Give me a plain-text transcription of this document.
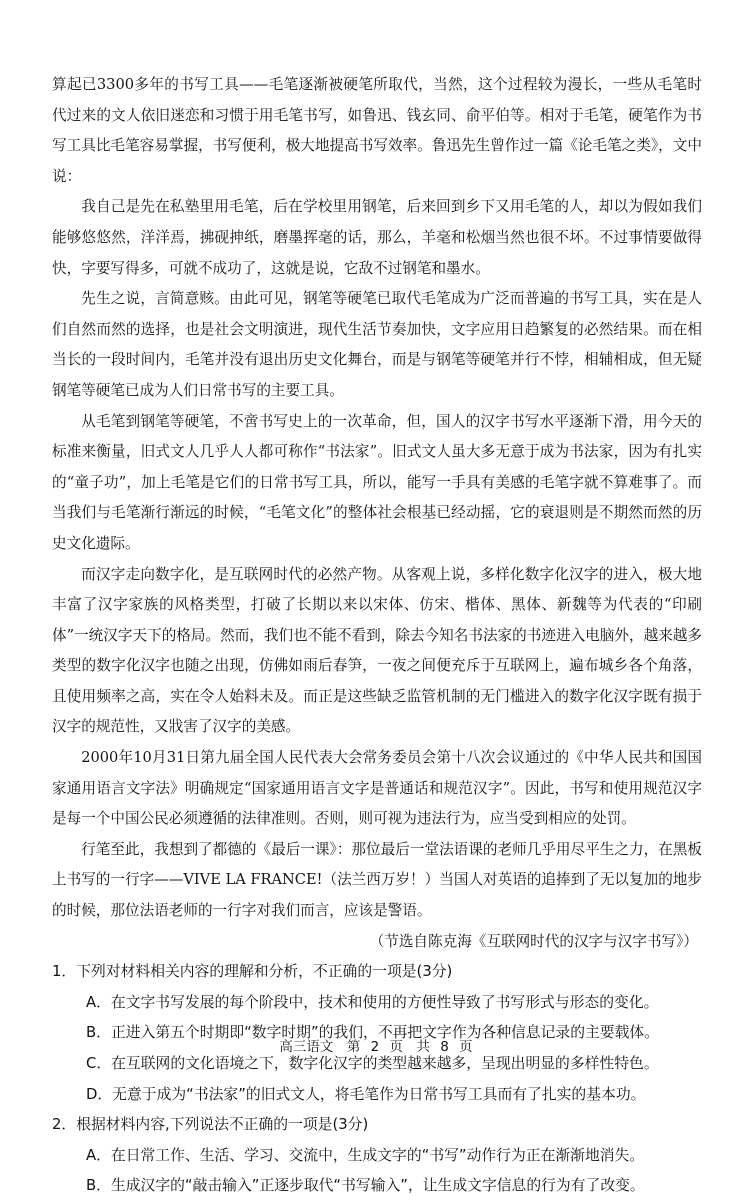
算起已3300多年的书写工具——毛笔逐渐被硬笔所取代，当然，这个过程较为漫长，一些从毛笔时代过来的文人依旧迷恋和习惯于用毛笔书写，如鲁迅、钱玄同、俞平伯等。相对于毛笔，硬笔作为书写工具比毛笔容易掌握，书写便利，极大地提高书写效率。鲁迅先生曾作过一篇《论毛笔之类》，文中说：

我自己是先在私塾里用毛笔，后在学校里用钢笔，后来回到乡下又用毛笔的人，却以为假如我们能够悠悠然，洋洋焉，拂砚抻纸，磨墨挥毫的话，那么，羊毫和松烟当然也很不坏。不过事情要做得快，字要写得多，可就不成功了，这就是说，它敌不过钢笔和墨水。

先生之说，言简意赅。由此可见，钢笔等硬笔已取代毛笔成为广泛而普遍的书写工具，实在是人们自然而然的选择，也是社会文明演进，现代生活节奏加快，文字应用日趋繁复的必然结果。而在相当长的一段时间内，毛笔并没有退出历史文化舞台，而是与钢笔等硬笔并行不悖，相辅相成，但无疑钢笔等硬笔已成为人们日常书写的主要工具。

从毛笔到钢笔等硬笔，不啻书写史上的一次革命，但，国人的汉字书写水平逐渐下滑，用今天的标准来衡量，旧式文人几乎人人都可称作“书法家”。旧式文人虽大多无意于成为书法家，因为有扎实的“童子功”，加上毛笔是它们的日常书写工具，所以，能写一手具有美感的毛笔字就不算难事了。而当我们与毛笔渐行渐远的时候，“毛笔文化”的整体社会根基已经动摇，它的衰退则是不期然而然的历史文化遗际。

而汉字走向数字化，是互联网时代的必然产物。从客观上说，多样化数字化汉字的进入，极大地丰富了汉字家族的风格类型，打破了长期以来以宋体、仿宋、楷体、黑体、新魏等为代表的“印刷体”一统汉字天下的格局。然而，我们也不能不看到，除去今知名书法家的书迹进入电脑外，越来越多类型的数字化汉字也随之出现，仿佛如雨后春笋，一夜之间便充斥于互联网上，遍布城乡各个角落，且使用频率之高，实在令人始料未及。而正是这些缺乏监管机制的无门槛进入的数字化汉字既有损于汉字的规范性，又戕害了汉字的美感。

2000年10月31日第九届全国人民代表大会常务委员会第十八次会议通过的《中华人民共和国国家通用语言文字法》明确规定“国家通用语言文字是普通话和规范汉字”。因此，书写和使用规范汉字是每一个中国公民必须遵循的法律准则。否则，则可视为违法行为，应当受到相应的处罚。

行笔至此，我想到了都德的《最后一课》：那位最后一堂法语课的老师几乎用尽平生之力，在黑板上书写的一行字——VIVE LA FRANCE!（法兰西万岁！）当国人对英语的追捧到了无以复加的地步的时候，那位法语老师的一行字对我们而言，应该是警语。

（节选自陈克海《互联网时代的汉字与汉字书写》）

1．下列对材料相关内容的理解和分析，不正确的一项是(3分)

A．在文字书写发展的每个阶段中，技术和使用的方便性导致了书写形式与形态的变化。

B．正进入第五个时期即“数字时期”的我们，不再把文字作为各种信息记录的主要载体。

C．在互联网的文化语境之下，数字化汉字的类型越来越多，呈现出明显的多样性特色。

D．无意于成为“书法家”的旧式文人，将毛笔作为日常书写工具而有了扎实的基本功。

2．根据材料内容,下列说法不正确的一项是(3分)

A．在日常工作、生活、学习、交流中，生成文字的“书写”动作行为正在渐渐地消失。

B．生成汉字的“敲击输入”正逐步取代“书写输入”，让生成文字信息的行为有了改变。

高三语文　第 2 页　共 8 页
